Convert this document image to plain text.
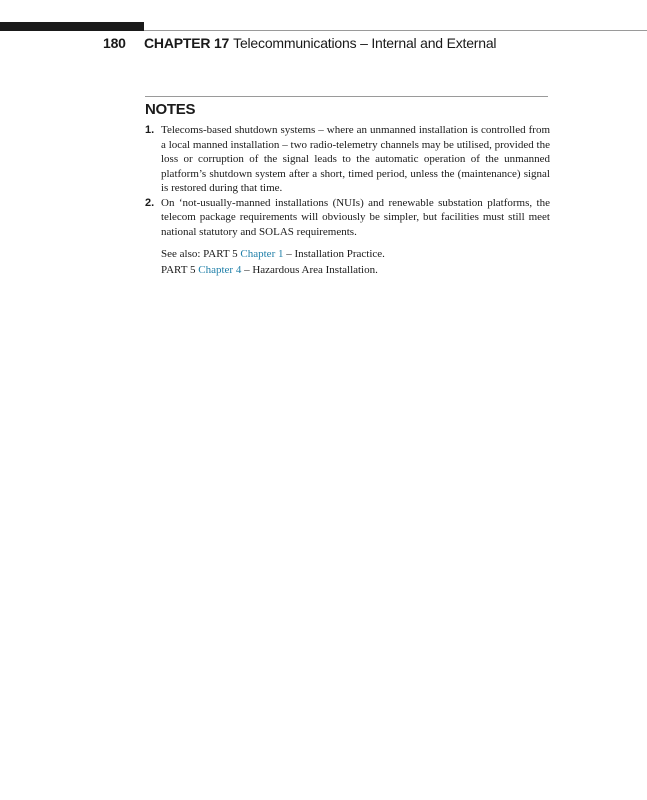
180 CHAPTER 17 Telecommunications – Internal and External
NOTES
1. Telecoms-based shutdown systems – where an unmanned installation is controlled from a local manned installation – two radio-telemetry channels may be utilised, provided the loss or corruption of the signal leads to the automatic operation of the unmanned platform’s shutdown system after a short, timed period, unless the (maintenance) signal is restored during that time.
2. On ‘not-usually-manned installations (NUIs) and renewable substation platforms, the telecom package requirements will obviously be simpler, but facilities must still meet national statutory and SOLAS requirements.
See also: PART 5 Chapter 1 – Installation Practice.
PART 5 Chapter 4 – Hazardous Area Installation.
